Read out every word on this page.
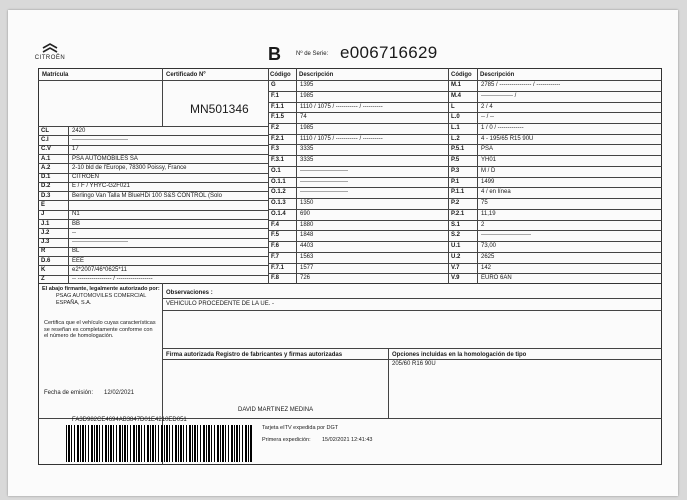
CITROËN	B	Nº de Serie: e006716629
Matrícula	Certificado Nº
MN501346
CL	2420
C.I	----------------------------
C.V	17
A.1	PSA AUTOMOBILES SA
A.2	2-10 bld de l'Europe, 78300 Poissy, France
D.1	CITROEN
D.2	E / F / YHYC-G2F021
D.3	Berlingo Van Talla M BlueHDi 100 S&S CONTROL (Solo
E
J	N1
J.1	BB
J.2	--
J.3	----------------------------
R	BL
D.6	EEE
K	e2*2007/46*0625*11
Z	-- ----------------- / ------------------
Código Descripción
G	1395
F.1	1985
F.1.1	1110 / 1075 / ----------- / ----------
F.1.5	74
F.2	1985
F.2.1	1110 / 1075 / ----------- / ----------
F.3	3335
F.3.1	3335
O.1	------------------------
O.1.1 ------------------------
O.1.2 ------------------------
O.1.3 1350
O.1.4 690
F.4	1880
F.5	1848
F.6	4403
F.7	1563
F.7.1	1577
F.8	726
Código Descripción
M.1	2785 / ---------------- / ------------
M.4	---------------- /
L	2 / 4
L.0	-- / --
L.1	1 / 0 / -------------
L.2	4 - 195/65 R15 90U
P.5.1	PSA
P.5	YH01
P.3	M / D
P.1	1499
P.1.1	4 / en línea
P.2	75
P.2.1	11,19
S.1	2
S.2	-------------------------
U.1	73,00
U.2	2625
V.7	142
V.9	EURO 6AN
El abajo firmante, legalmente autorizado por:
PSAG AUTOMOVILES COMERCIAL ESPAÑA, S.A.
Certifica que el vehículo cuyas características se reseñan es completamente conforme con el número de homologación.
Fecha de emisión: 12/02/2021
Observaciones :
VEHICULO PROCEDENTE DE LA UE. -
Firma autorizada Registro de fabricantes y firmas autorizadas	Opciones incluidas en la homologación de tipo
205/60 R16 90U
DAVID MARTINEZ MEDINA
FA3D982CE4694AB3847D01E4210ED051
Tarjeta eITV expedida por DGT
Primera expedición: 15/02/2021 12:41:43
